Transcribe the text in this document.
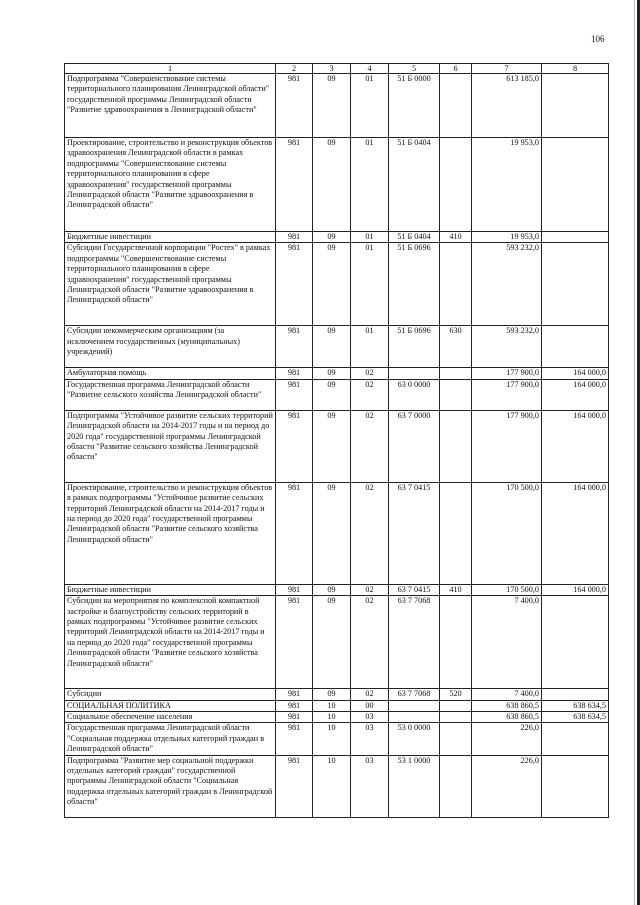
106
1	2	3	4	5	6	7	8
Подпрограмма "Совершенствование системы территориального планирования Ленинградской области" государственной программы Ленинградской области "Развитие здравоохранения в Ленинградской области"	981	09	01	51 Б 0000		613 185,0	
Проектирование, строительство и реконструкция объектов здравоохранения Ленинградской области в рамках подпрограммы "Совершенствование системы территориального планирования в сфере здравоохранения" государственной программы Ленинградской области "Развитие здравоохранения в Ленинградской области"	981	09	01	51 Б 0404		19 953,0	
Бюджетные инвестиции	981	09	01	51 Б 0404	410	19 953,0	
Субсидии Государственной корпорации "Ростех" в рамках подпрограммы "Совершенствование системы территориального планирования в сфере здравоохранения" государственной программы Ленинградской области "Развитие здравоохранения в Ленинградской области"	981	09	01	51 Б 0696		593 232,0	
Субсидии некоммерческим организациям (за исключением государственных (муниципальных) учреждений)	981	09	01	51 Б 0696	630	593 232,0	
Амбулаторная помощь	981	09	02			177 900,0	164 000,0
Государственная программа Ленинградской области "Развитие сельского хозяйства Ленинградской области"	981	09	02	63 0 0000		177 900,0	164 000,0
Подпрограмма "Устойчивое развитие сельских территорий Ленинградской области на 2014-2017 годы и на период до 2020 года" государственной программы Ленинградской области "Развитие сельского хозяйства Ленинградской области"	981	09	02	63 7 0000		177 900,0	164 000,0
Проектирование, строительство и реконструкция объектов в рамках подпрограммы "Устойчивое развитие сельских территорий Ленинградской области на 2014-2017 годы и на период до 2020 года" государственной программы Ленинградской области "Развитие сельского хозяйства Ленинградской области"	981	09	02	63 7 0415		170 500,0	164 000,0
Бюджетные инвестиции	981	09	02	63 7 0415	410	170 500,0	164 000,0
Субсидии на мероприятия по комплексной компактной застройке и благоустройству сельских территорий в рамках подпрограммы "Устойчивое развитие сельских территорий Ленинградской области на 2014-2017 годы и на период до 2020 года" государственной программы Ленинградской области "Развитие сельского хозяйства Ленинградской области"	981	09	02	63 7 7068		7 400,0	
Субсидии	981	09	02	63 7 7068	520	7 400,0	
СОЦИАЛЬНАЯ ПОЛИТИКА	981	10	00			638 860,5	638 634,5
Социальное обеспечение населения	981	10	03			638 860,5	638 634,5
Государственная программа Ленинградской области "Социальная поддержка отдельных категорий граждан в Ленинградской области"	981	10	03	53 0 0000		226,0	
Подпрограмма "Развитие мер социальной поддержки отдельных категорий граждан" государственной программы Ленинградской области "Социальная поддержка отдельных категорий граждан в Ленинградской области"	981	10	03	53 1 0000		226,0	
